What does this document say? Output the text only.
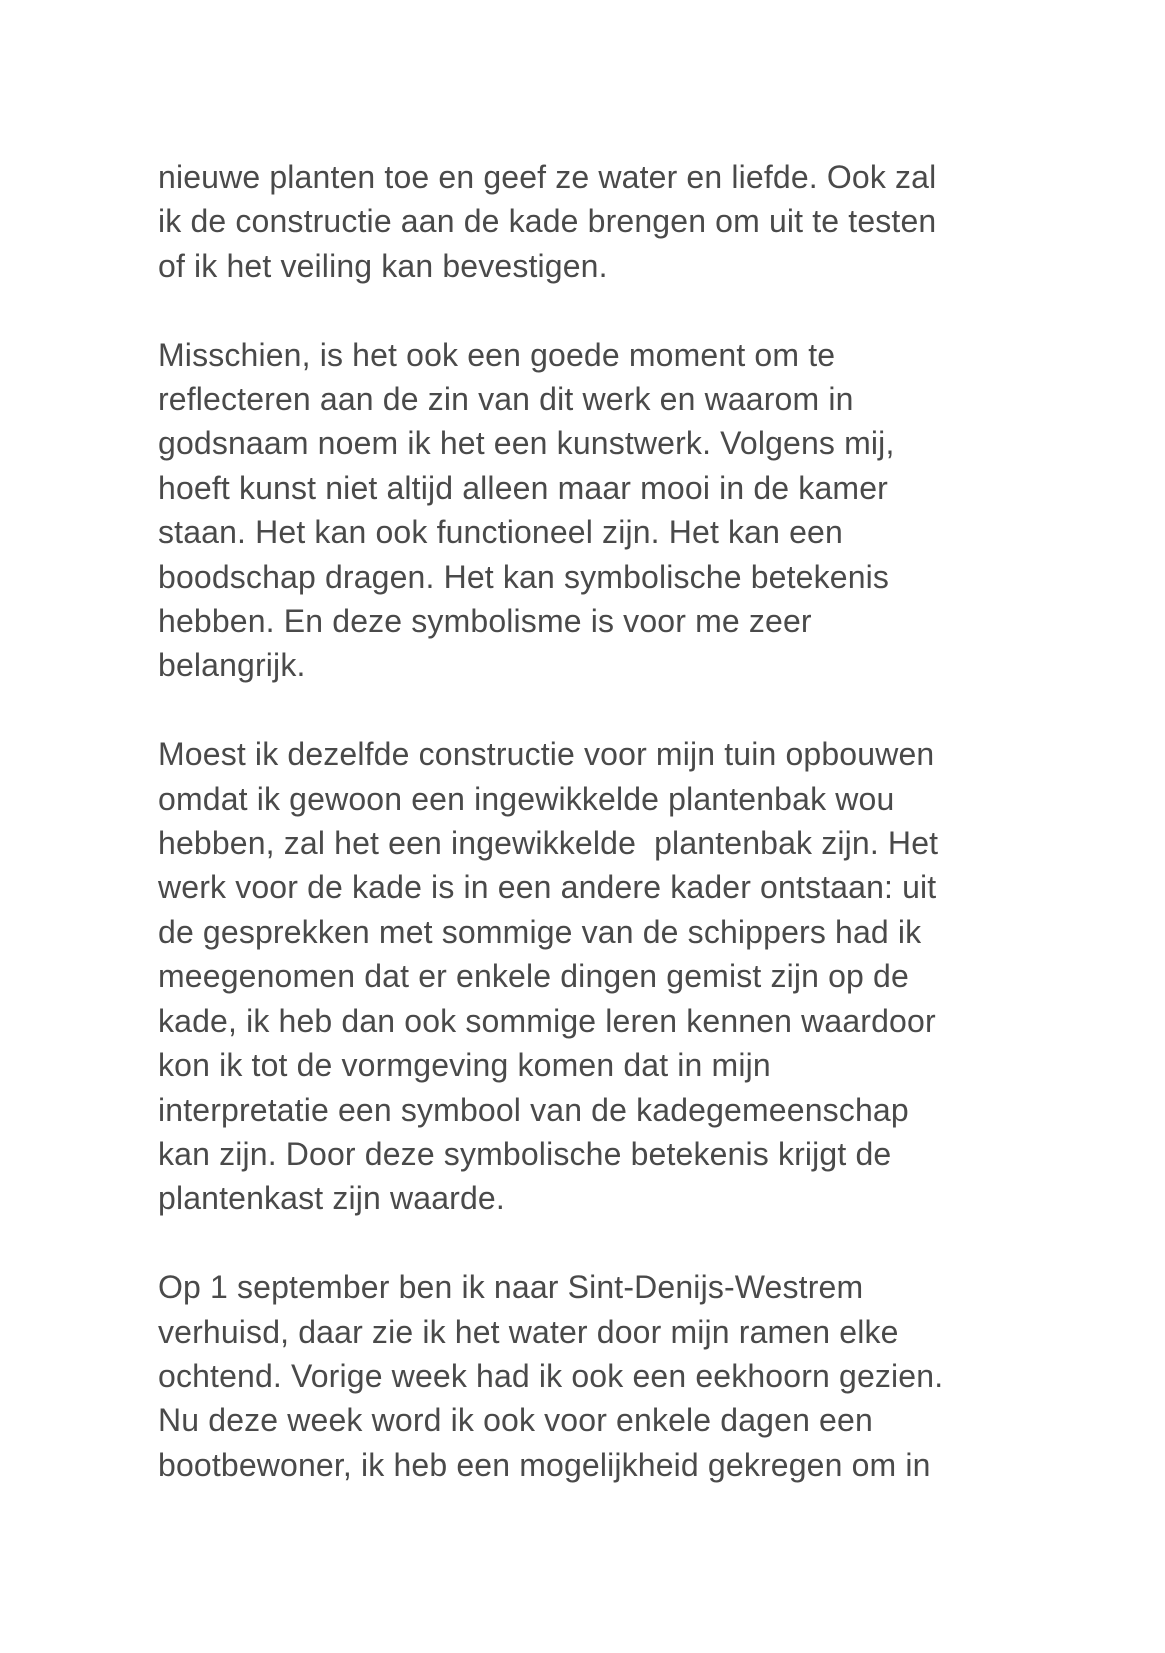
nieuwe planten toe en geef ze water en liefde. Ook zal
ik de constructie aan de kade brengen om uit te testen
of ik het veiling kan bevestigen.

Misschien, is het ook een goede moment om te
reflecteren aan de zin van dit werk en waarom in
godsnaam noem ik het een kunstwerk. Volgens mij,
hoeft kunst niet altijd alleen maar mooi in de kamer
staan. Het kan ook functioneel zijn. Het kan een
boodschap dragen. Het kan symbolische betekenis
hebben. En deze symbolisme is voor me zeer
belangrijk.

Moest ik dezelfde constructie voor mijn tuin opbouwen
omdat ik gewoon een ingewikkelde plantenbak wou
hebben, zal het een ingewikkelde  plantenbak zijn. Het
werk voor de kade is in een andere kader ontstaan: uit
de gesprekken met sommige van de schippers had ik
meegenomen dat er enkele dingen gemist zijn op de
kade, ik heb dan ook sommige leren kennen waardoor
kon ik tot de vormgeving komen dat in mijn
interpretatie een symbool van de kadegemeenschap
kan zijn. Door deze symbolische betekenis krijgt de
plantenkast zijn waarde.

Op 1 september ben ik naar Sint-Denijs-Westrem
verhuisd, daar zie ik het water door mijn ramen elke
ochtend. Vorige week had ik ook een eekhoorn gezien.
Nu deze week word ik ook voor enkele dagen een
bootbewoner, ik heb een mogelijkheid gekregen om in
